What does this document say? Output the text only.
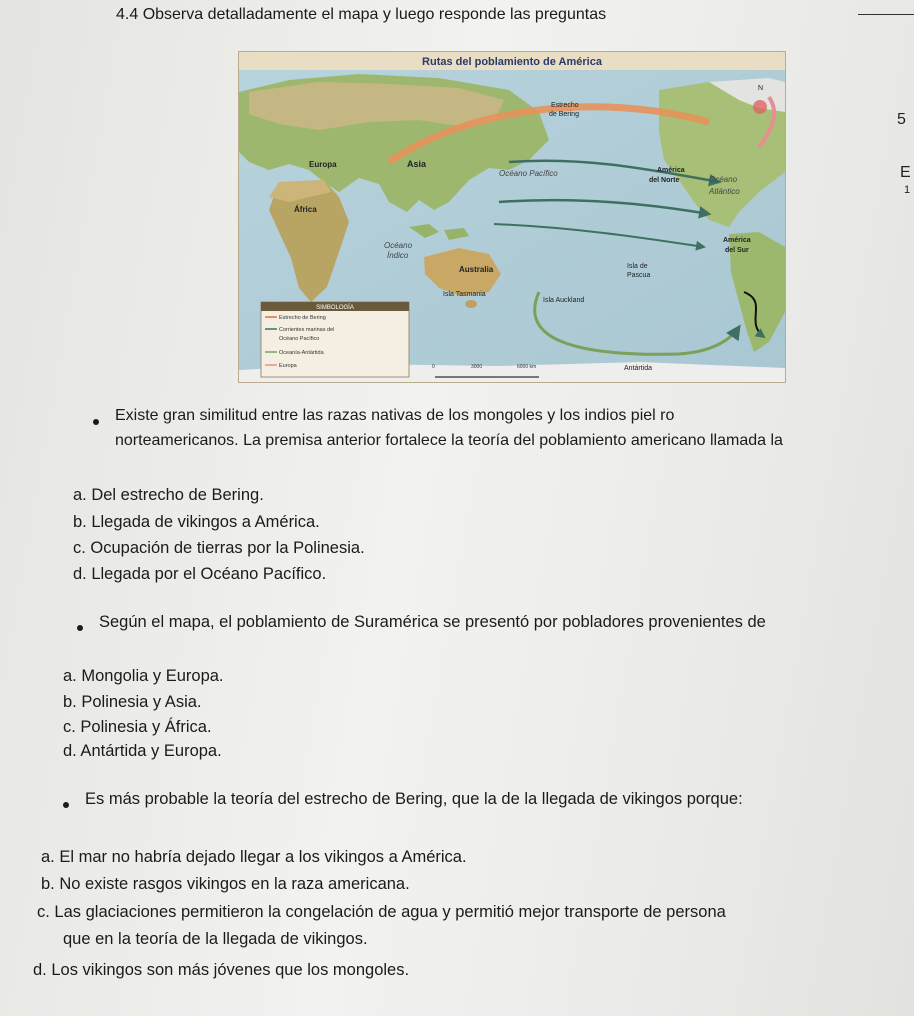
4.4 Observa detalladamente el mapa y luego responde las preguntas
5
E
1
Rutas del poblamiento de América
N
Estrecho
de Bering
Europa	Asia
África
América
del Norte
Océano Pacífico
Océano
Atlántico
Océano
Índico
Australia
América
del Sur
Isla de
Pascua
Isla Tasmania
Isla Auckland
Antártida
SIMBOLOGÍA
Estrecho de Bering
Corrientes marinas del
Océano Pacífico
Oceanía-Antártida
Europa	0	3000	6000 km
Existe gran similitud entre las razas nativas de los mongoles y los indios piel ro
norteamericanos. La premisa anterior fortalece la teoría del poblamiento americano llamada la
a. Del estrecho de Bering.
b. Llegada de vikingos a América.
c. Ocupación de tierras por la Polinesia.
d. Llegada por el Océano Pacífico.
Según el mapa, el poblamiento de Suramérica se presentó por pobladores provenientes de
a. Mongolia y Europa.
b. Polinesia y Asia.
c. Polinesia y África.
d. Antártida y Europa.
Es más probable la teoría del estrecho de Bering, que la de la llegada de vikingos porque:
a. El mar no habría dejado llegar a los vikingos a América.
b. No existe rasgos vikingos en la raza americana.
c. Las glaciaciones permitieron la congelación de agua y permitió mejor transporte de persona
que en la teoría de la llegada de vikingos.
d. Los vikingos son más jóvenes que los mongoles.
